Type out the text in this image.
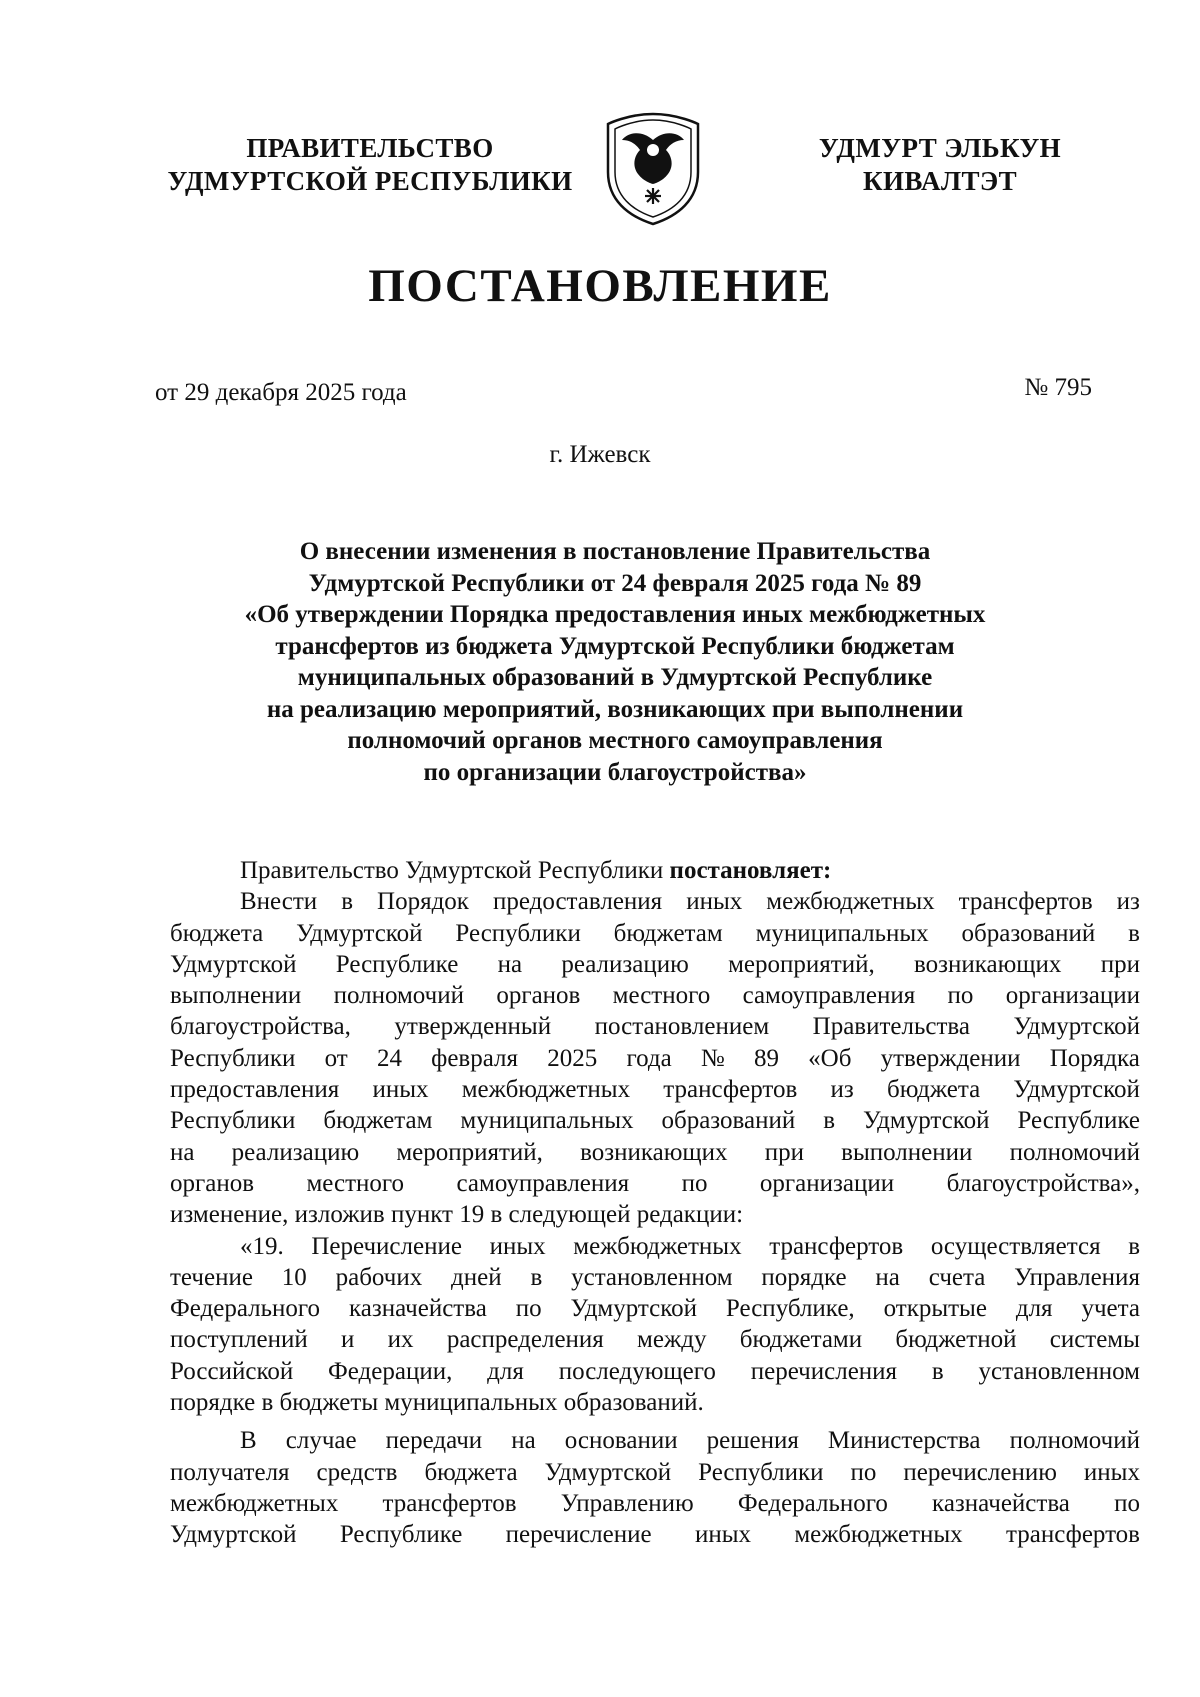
ПРАВИТЕЛЬСТВО
УДМУРТСКОЙ РЕСПУБЛИКИ
УДМУРТ ЭЛЬКУН
КИВАЛТЭТ
ПОСТАНОВЛЕНИЕ
от 29 декабря 2025 года	№ 795
г. Ижевск
О внесении изменения в постановление Правительства
Удмуртской Республики от 24 февраля 2025 года № 89
«Об утверждении Порядка предоставления иных межбюджетных
трансфертов из бюджета Удмуртской Республики бюджетам
муниципальных образований в Удмуртской Республике
на реализацию мероприятий, возникающих при выполнении
полномочий органов местного самоуправления
по организации благоустройства»
Правительство Удмуртской Республики постановляет:
Внести в Порядок предоставления иных межбюджетных трансфертов из
бюджета Удмуртской Республики бюджетам муниципальных образований в
Удмуртской Республике на реализацию мероприятий, возникающих при
выполнении полномочий органов местного самоуправления по организации
благоустройства, утвержденный постановлением Правительства Удмуртской
Республики от 24 февраля 2025 года № 89 «Об утверждении Порядка
предоставления иных межбюджетных трансфертов из бюджета Удмуртской
Республики бюджетам муниципальных образований в Удмуртской Республике
на реализацию мероприятий, возникающих при выполнении полномочий
органов местного самоуправления по организации благоустройства»,
изменение, изложив пункт 19 в следующей редакции:
«19. Перечисление иных межбюджетных трансфертов осуществляется в
течение 10 рабочих дней в установленном порядке на счета Управления
Федерального казначейства по Удмуртской Республике, открытые для учета
поступлений и их распределения между бюджетами бюджетной системы
Российской Федерации, для последующего перечисления в установленном
порядке в бюджеты муниципальных образований.
В случае передачи на основании решения Министерства полномочий
получателя средств бюджета Удмуртской Республики по перечислению иных
межбюджетных трансфертов Управлению Федерального казначейства по
Удмуртской Республике перечисление иных межбюджетных трансфертов
